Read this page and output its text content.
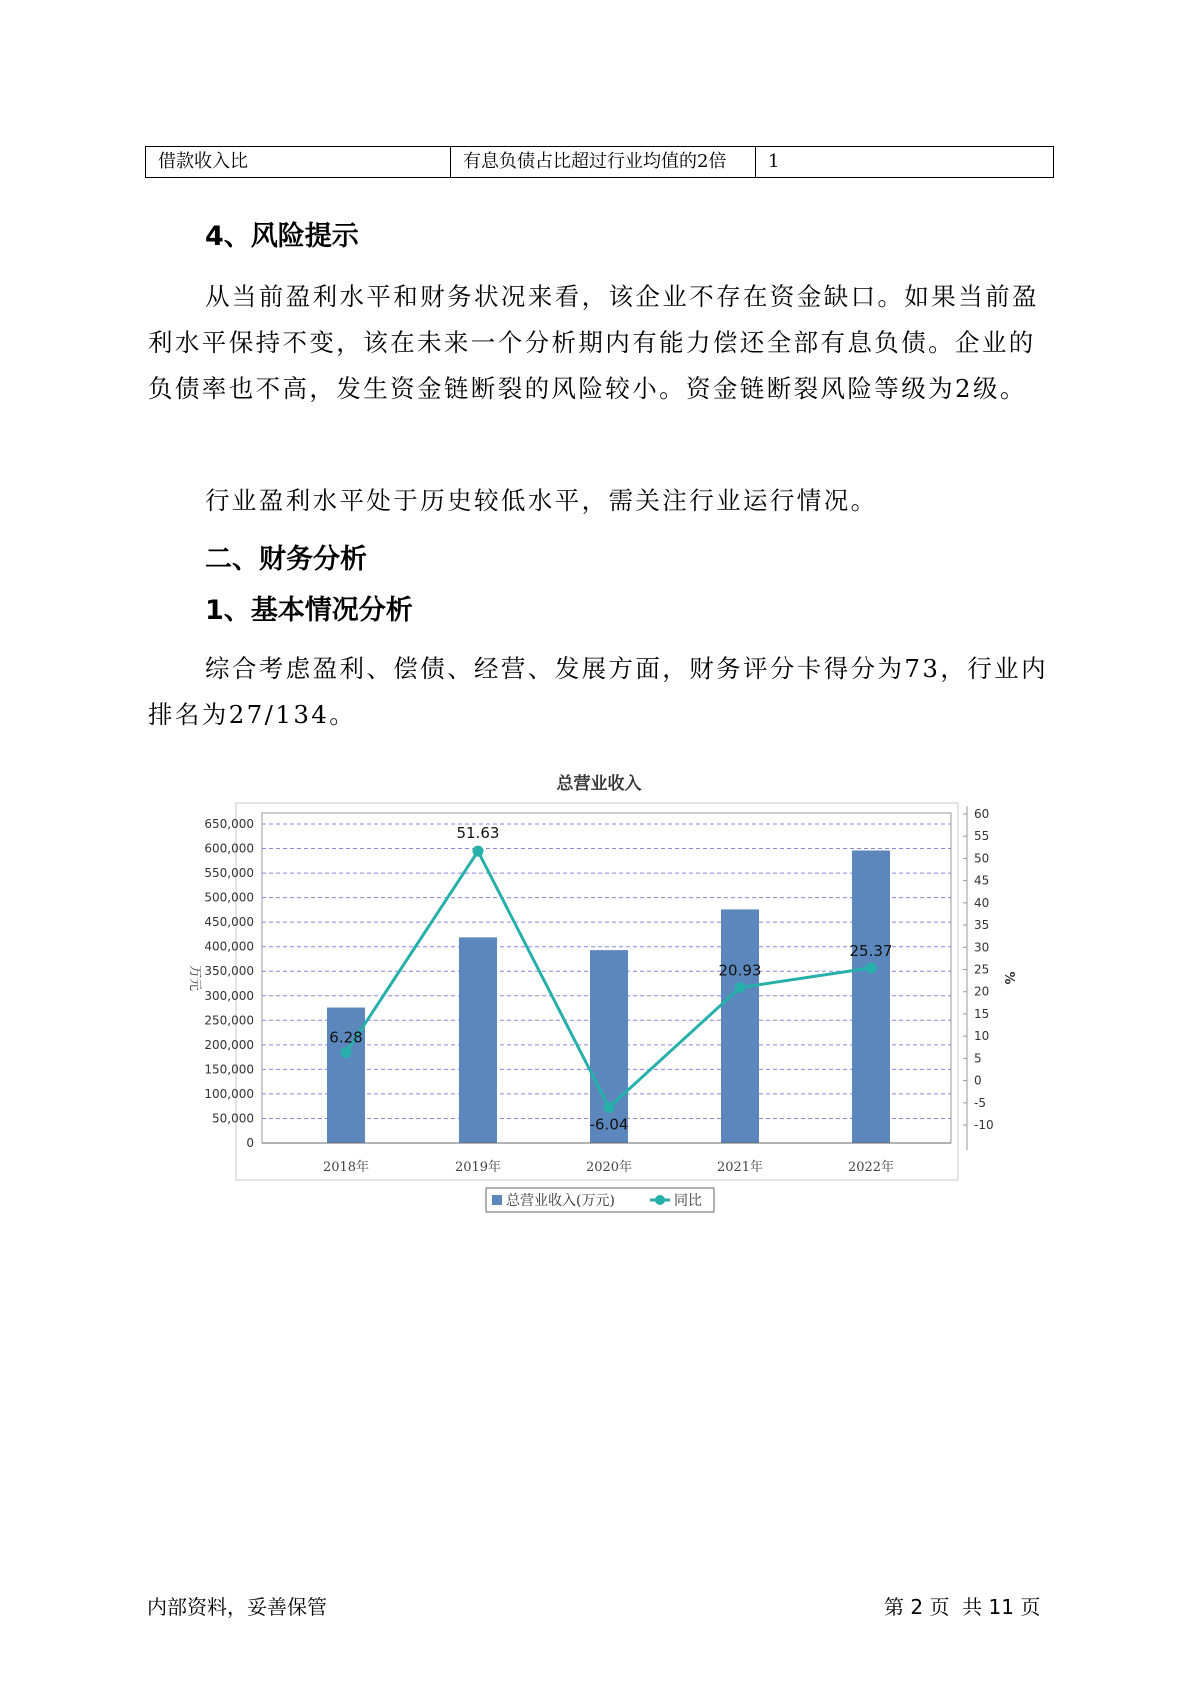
借款收入比	有息负债占比超过行业均值的2倍	1
4、风险提示

从当前盈利水平和财务状况来看，该企业不存在资金缺口。如果当前盈利水平保持不变，该在未来一个分析期内有能力偿还全部有息负债。企业的负债率也不高，发生资金链断裂的风险较小。资金链断裂风险等级为2级。

行业盈利水平处于历史较低水平，需关注行业运行情况。

二、财务分析
1、基本情况分析

综合考虑盈利、偿债、经营、发展方面，财务评分卡得分为73，行业内排名为27/134。

总营业收入
0
50,000
100,000
150,000
200,000
250,000
300,000
350,000
400,000
450,000
500,000
550,000
600,000
650,000
-10
-5
0
5
10
15
20
25
30
35
40
45
50
55
60
万元	%
2018年	2019年	2020年	2021年	2022年
6.28
51.63
-6.04
20.93
25.37
总营业收入(万元)	同比
内部资料，妥善保管	第 2 页  共 11 页
